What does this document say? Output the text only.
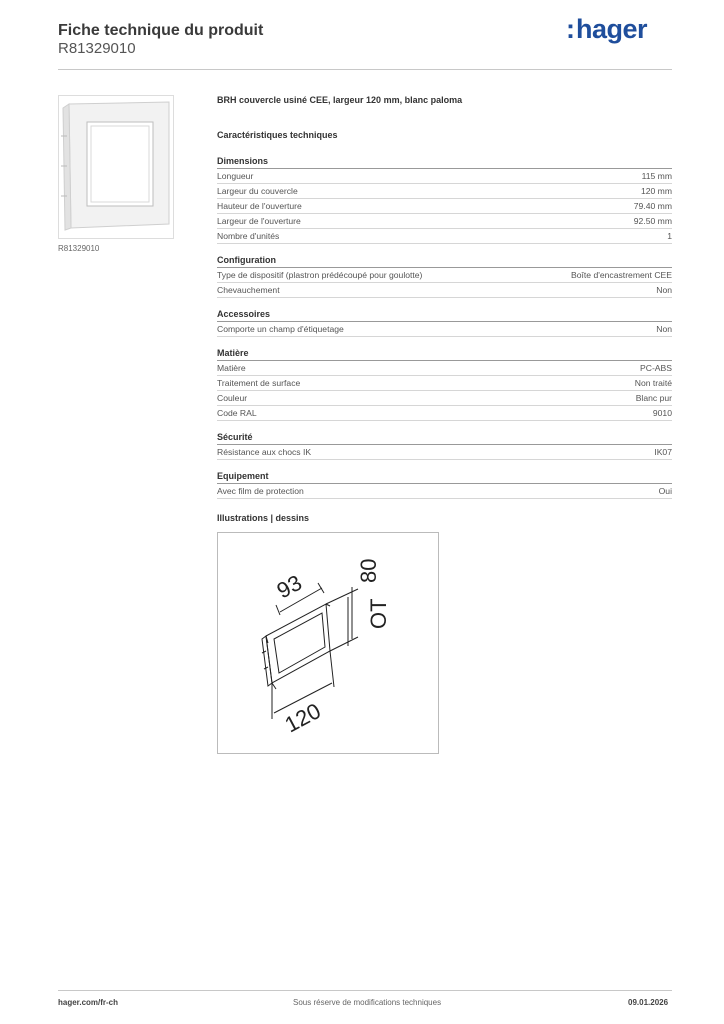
Fiche technique du produit
R81329010
:hager
R81329010
BRH couvercle usiné CEE, largeur 120 mm, blanc paloma
Caractéristiques techniques
Dimensions
Longueur	115 mm
Largeur du couvercle	120 mm
Hauteur de l'ouverture	79.40 mm
Largeur de l'ouverture	92.50 mm
Nombre d'unités	1
Configuration
Type de dispositif (plastron prédécoupé pour goulotte)	Boîte d'encastrement CEE
Chevauchement	Non
Accessoires
Comporte un champ d'étiquetage	Non
Matière
Matière	PC-ABS
Traitement de surface	Non traité
Couleur	Blanc pur
Code RAL	9010
Sécurité
Résistance aux chocs IK	IK07
Equipement
Avec film de protection	Oui
Illustrations | dessins
93 80
OT
120
hager.com/fr-ch	Sous réserve de modifications techniques	09.01.2026
